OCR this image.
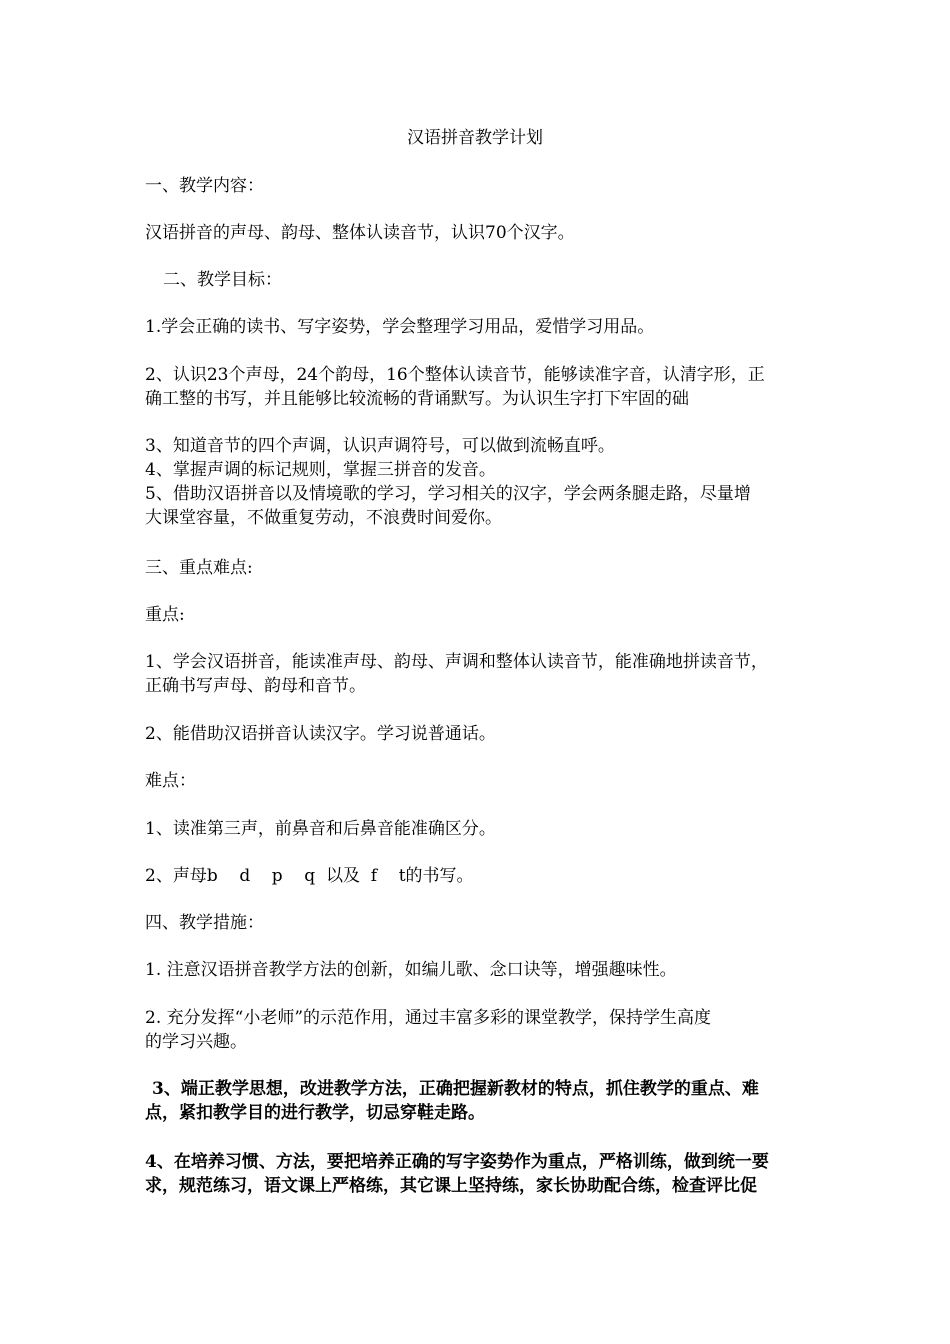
汉语拼音教学计划

一、教学内容：

汉语拼音的声母、韵母、整体认读音节，认识70个汉字。

二、教学目标：

1.学会正确的读书、写字姿势，学会整理学习用品，爱惜学习用品。

2、认识23个声母，24个韵母，16个整体认读音节，能够读准字音，认清字形，正

确工整的书写，并且能够比较流畅的背诵默写。为认识生字打下牢固的础

3、知道音节的四个声调，认识声调符号，可以做到流畅直呼。

4、掌握声调的标记规则，掌握三拼音的发音。

5、借助汉语拼音以及情境歌的学习，学习相关的汉字，学会两条腿走路，尽量增

大课堂容量，不做重复劳动，不浪费时间爱你。

三、重点难点:

重点:

1、学会汉语拼音，能读准声母、韵母、声调和整体认读音节，能准确地拼读音节，

正确书写声母、韵母和音节。

2、能借助汉语拼音认读汉字。学习说普通话。

难点：

1、读准第三声，前鼻音和后鼻音能准确区分。

2、声母b    d    p    q  以及  f    t的书写。

四、教学措施：

1. 注意汉语拼音教学方法的创新，如编儿歌、念口诀等，增强趣味性。

2. 充分发挥“小老师”的示范作用，通过丰富多彩的课堂教学，保持学生高度

的学习兴趣。

3、端正教学思想，改进教学方法，正确把握新教材的特点，抓住教学的重点、难

点，紧扣教学目的进行教学，切忌穿鞋走路。

4、在培养习惯、方法，要把培养正确的写字姿势作为重点，严格训练，做到统一要

求，规范练习，语文课上严格练，其它课上坚持练，家长协助配合练，检查评比促
